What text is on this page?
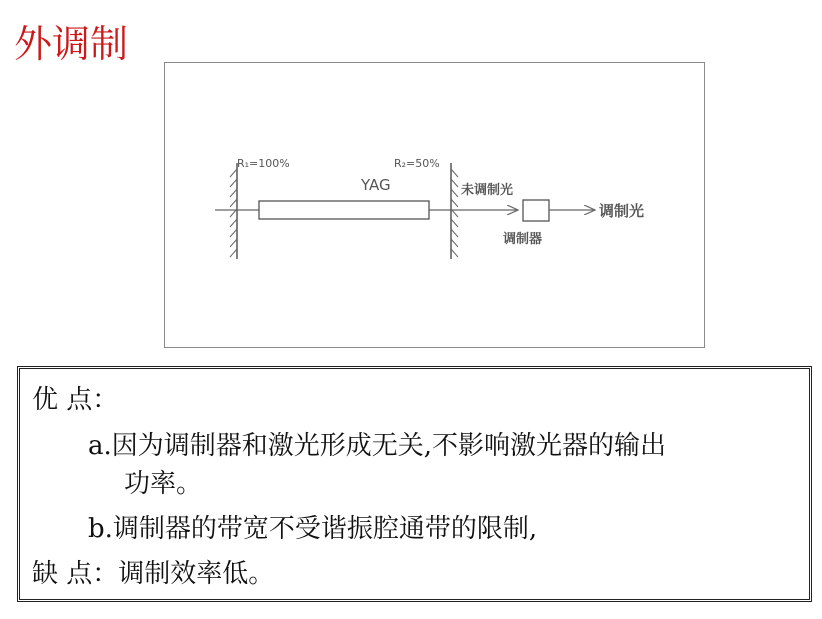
外调制
R₁=100%	R₂=50%
YAG	未调制光
调制器
调制光
优 点：
a.因为调制器和激光形成无关,不影响激光器的输出
功率。
b.调制器的带宽不受谐振腔通带的限制,
缺 点：调制效率低。
